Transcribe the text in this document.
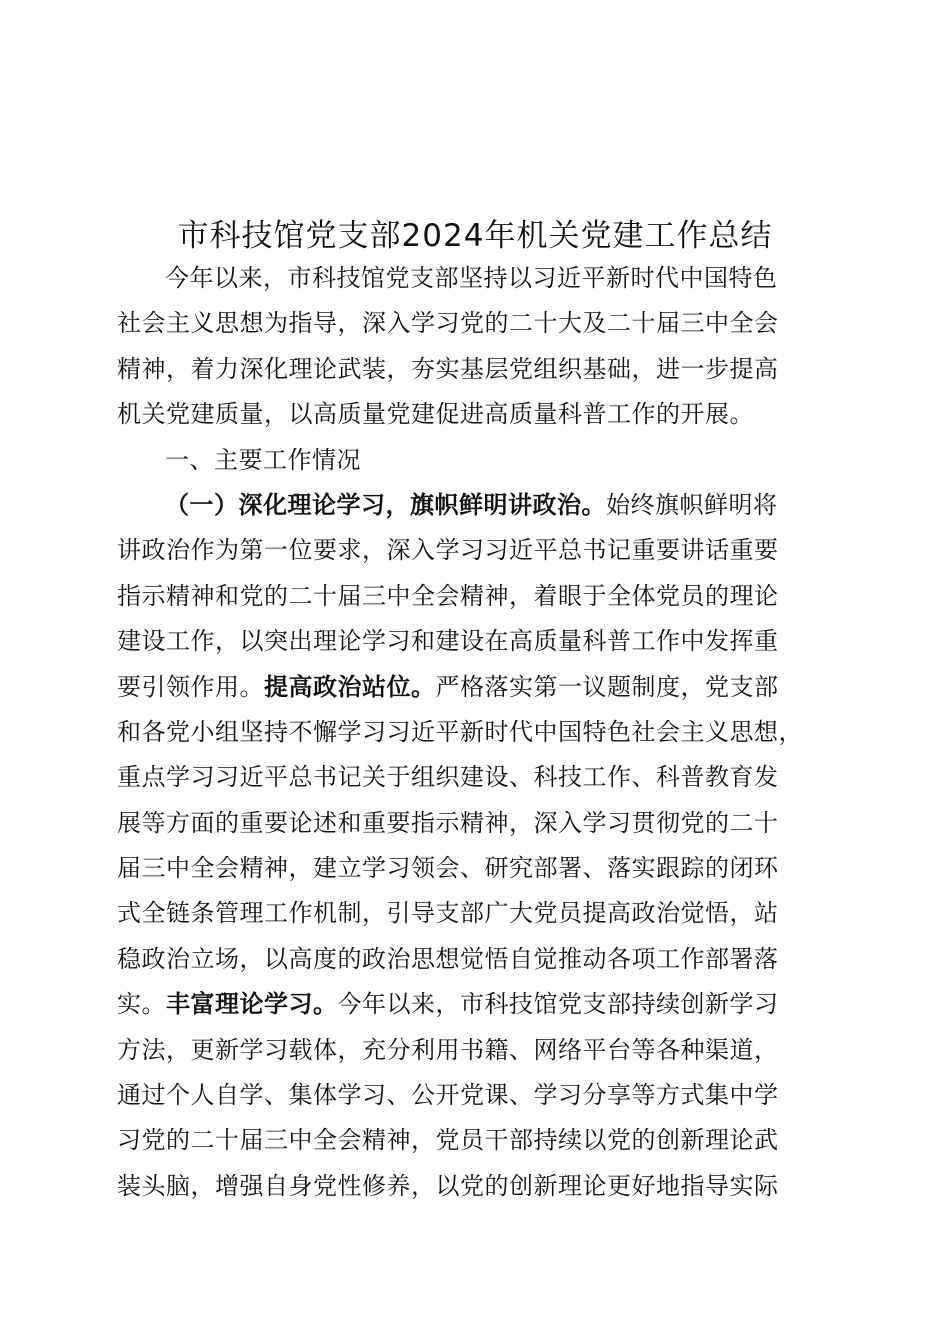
市科技馆党支部2024年机关党建工作总结
今年以来，市科技馆党支部坚持以习近平新时代中国特色
社会主义思想为指导，深入学习党的二十大及二十届三中全会
精神，着力深化理论武装，夯实基层党组织基础，进一步提高
机关党建质量，以高质量党建促进高质量科普工作的开展。
一、主要工作情况
（一）深化理论学习，旗帜鲜明讲政治。始终旗帜鲜明将
讲政治作为第一位要求，深入学习习近平总书记重要讲话重要
指示精神和党的二十届三中全会精神，着眼于全体党员的理论
建设工作，以突出理论学习和建设在高质量科普工作中发挥重
要引领作用。提高政治站位。严格落实第一议题制度，党支部
和各党小组坚持不懈学习习近平新时代中国特色社会主义思想，
重点学习习近平总书记关于组织建设、科技工作、科普教育发
展等方面的重要论述和重要指示精神，深入学习贯彻党的二十
届三中全会精神，建立学习领会、研究部署、落实跟踪的闭环
式全链条管理工作机制，引导支部广大党员提高政治觉悟，站
稳政治立场，以高度的政治思想觉悟自觉推动各项工作部署落
实。丰富理论学习。今年以来，市科技馆党支部持续创新学习
方法，更新学习载体，充分利用书籍、网络平台等各种渠道，
通过个人自学、集体学习、公开党课、学习分享等方式集中学
习党的二十届三中全会精神，党员干部持续以党的创新理论武
装头脑，增强自身党性修养，以党的创新理论更好地指导实际
